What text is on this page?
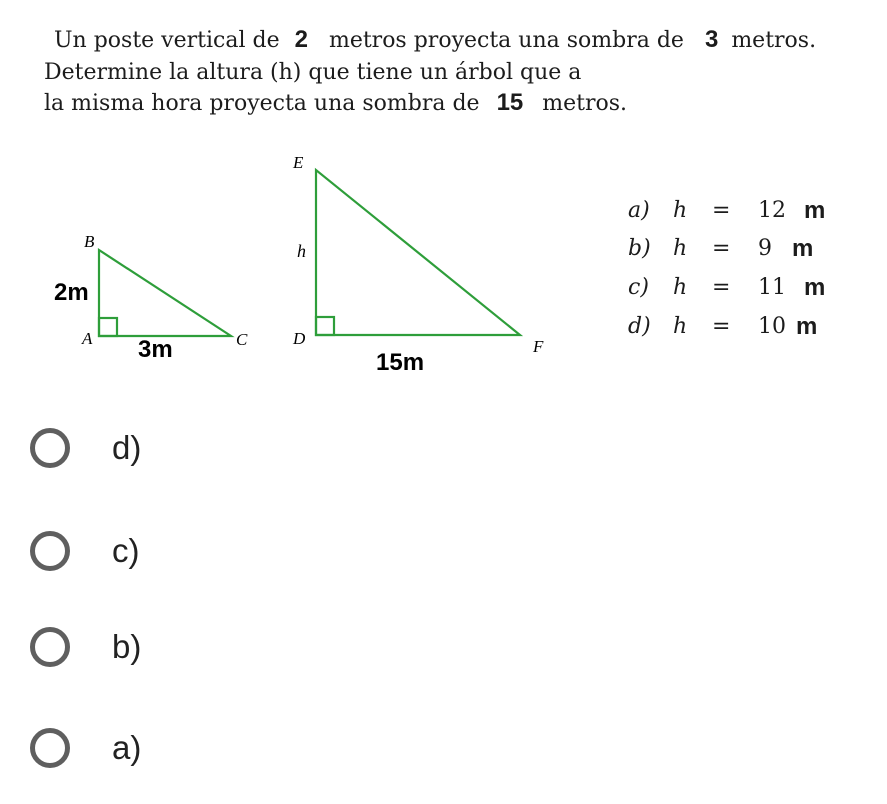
Un poste vertical de 2 metros proyecta una sombra de 3 metros.
Determine la altura (h) que tiene un árbol que a
la misma hora proyecta una sombra de 15 metros.
B
A	C
2m
3m
E
D	F
h
15m
a) h = 12 m
b) h = 9 m
c) h = 11 m
d) h = 10 m
d)
c)
b)
a)
